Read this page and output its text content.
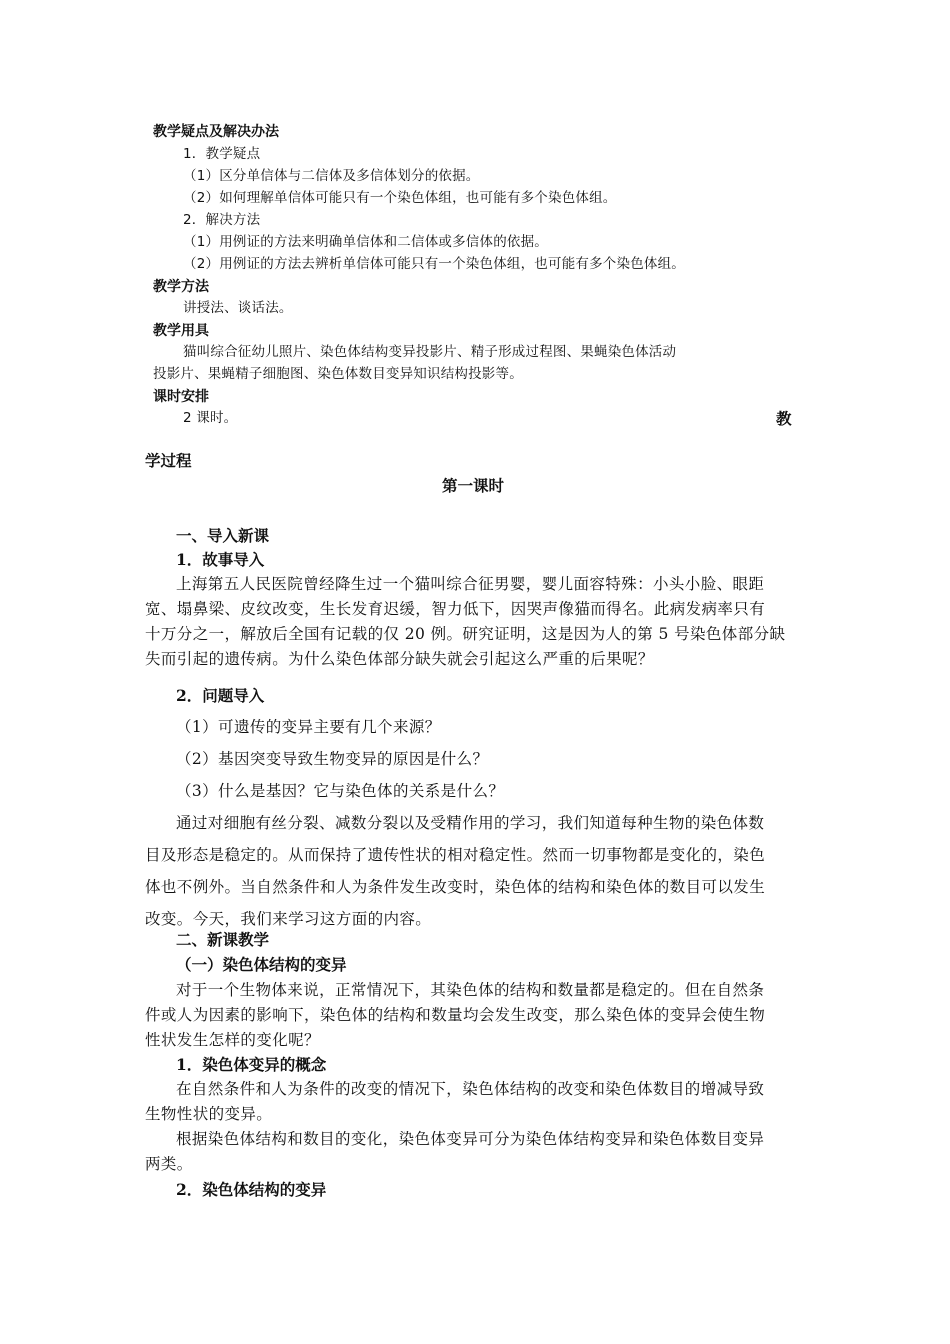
教学疑点及解决办法
1．教学疑点
（1）区分单信体与二信体及多信体划分的依据。
（2）如何理解单信体可能只有一个染色体组，也可能有多个染色体组。
2．解决方法
（1）用例证的方法来明确单信体和二信体或多信体的依据。
（2）用例证的方法去辨析单信体可能只有一个染色体组，也可能有多个染色体组。
教学方法
讲授法、谈话法。
教学用具
猫叫综合征幼儿照片、染色体结构变异投影片、精子形成过程图、果蝇染色体活动
投影片、果蝇精子细胞图、染色体数目变异知识结构投影等。
课时安排
2 课时。	教
学过程
第一课时
一、导入新课
1．故事导入
上海第五人民医院曾经降生过一个猫叫综合征男婴，婴儿面容特殊：小头小脸、眼距
宽、塌鼻梁、皮纹改变，生长发育迟缓，智力低下，因哭声像猫而得名。此病发病率只有
十万分之一，解放后全国有记载的仅 20 例。研究证明，这是因为人的第 5 号染色体部分缺
失而引起的遗传病。为什么染色体部分缺失就会引起这么严重的后果呢？
2．问题导入
（1）可遗传的变异主要有几个来源？
（2）基因突变导致生物变异的原因是什么？
（3）什么是基因？它与染色体的关系是什么？
通过对细胞有丝分裂、减数分裂以及受精作用的学习，我们知道每种生物的染色体数
目及形态是稳定的。从而保持了遗传性状的相对稳定性。然而一切事物都是变化的，染色
体也不例外。当自然条件和人为条件发生改变时，染色体的结构和染色体的数目可以发生
改变。今天，我们来学习这方面的内容。
二、新课教学
（一）染色体结构的变异
对于一个生物体来说，正常情况下，其染色体的结构和数量都是稳定的。但在自然条
件或人为因素的影响下，染色体的结构和数量均会发生改变，那么染色体的变异会使生物
性状发生怎样的变化呢？
1．染色体变异的概念
在自然条件和人为条件的改变的情况下，染色体结构的改变和染色体数目的增减导致
生物性状的变异。
根据染色体结构和数目的变化，染色体变异可分为染色体结构变异和染色体数目变异
两类。
2．染色体结构的变异
